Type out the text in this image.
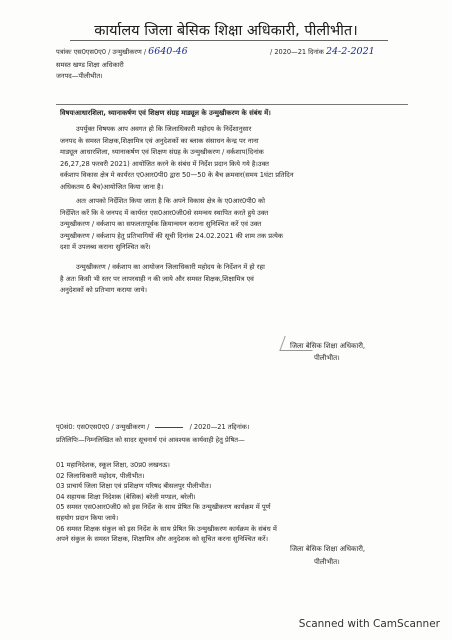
कार्यालय जिला बेसिक शिक्षा अधिकारी, पीलीभीत।
पत्रांकः एस0एस0ए0 / उन्मुखीकरण / 6640-46	/ 2020—21 दिनांक 24-2-2021
समस्त खण्ड शिक्षा अधिकारी
जनपद—पीलीभीत।
विषयःआधारशिला, ध्यानाकर्षण एवं शिक्षण संग्रह माड्यूल के उन्मुखीकरण के संबंध में।

उपर्युक्त विषयक आप अवगत हो कि जिलाधिकारी महोदय के निर्देशानुसार

जनपद के समस्त शिक्षक,शिक्षामित्र एवं अनुदेशकों का ब्लाक संसाधन केन्द्र पर नाना

माड्यूल आधारशिला, ध्यानाकर्षण एवं शिक्षण संग्रह के उन्मुखीकरण / वर्कशाप(दिनांक

26,27,28 फरवरी 2021) आयोजित करने के संबंध में निर्देश प्रदान किये गये है।उक्त

वर्कशाप विकास क्षेत्र मे कार्यरत ए0आर0पी0 द्वारा 50—50 के बैच क्रमवार(समय 1घंटा प्रतिदिन

अधिकतम 6 बैच)आयोजित किया जाना है।

अतः आपको निर्देशित किया जाता है कि अपने विकास क्षेत्र के ए0आर0पी0 को

निर्देशित करें कि वे जनपद में कार्यरत एस0आर0जी0से समन्वय स्थापित करते हुये उक्त

उन्मुखीकरण / वर्कशाप का सफलतापूर्वक क्रियान्वयन कराना सुनिश्चित करें एवं उक्त

उन्मुखीकरण / वर्कशाप हेतु प्रतिभागियों की सूची दिनांक 24.02.2021 की शाम तक प्रत्येक

दशा में उपलब्ध कराना सुनिश्चित करें।

उन्मुखीकरण / वर्कशाप का आयोजन जिलाधिकारी महोदय के निर्देशन में हो रहा

है अतः किसी भी स्तर पर लापरवाही न की जाये और समस्त शिक्षक,शिक्षामित्र एवं

अनुदेशकों को प्रतिभाग कराया जाये।

जिला बेसिक शिक्षा अधिकारी,
पीलीभीत।
पृ0सं0: एस0एस0ए0 / उन्मुखीकरण /	/ 2020—21 तद्दिनांक।
प्रतिलिपिः—निम्नलिखित को सादर सूचनार्थ एवं आवश्यक कार्यवाही हेतु प्रेषित—
01 महानिदेशक, स्कूल शिक्षा, उ0प्र0 लखनऊ।
02 जिलाधिकारी महोदय, पीलीभीत।
03 प्राचार्य जिला शिक्षा एवं प्रशिक्षण परिषद बीसलपुर पीलीभीत।
04 सहायक शिक्षा निदेशक (बेसिक) बरेली मण्डल, बरेली।
05 समस्त एस0आर0जी0 को इस निर्देश के साथ प्रेषित कि उन्मुखीकरण कार्यक्रम में पूर्ण
सहयोग प्रदान किया जाये।
06 समस्त शिक्षक संकुल को इस निर्देश के साथ प्रेषित कि उन्मुखीकरण कार्यक्रम के संबंध में
अपने संकुल के समस्त शिक्षक, शिक्षामित्र और अनुदेशक को सूचित करना सुनिश्चित करें।
जिला बेसिक शिक्षा अधिकारी,
पीलीभीत।
Scanned with CamScanner
